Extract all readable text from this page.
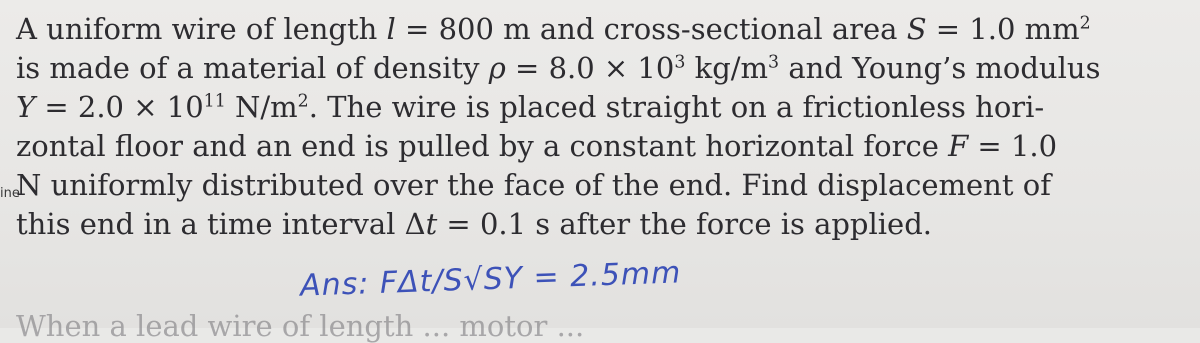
A uniform wire of length l = 800 m and cross-sectional area S = 1.0 $mm^2$
is made of a material of density $\rho = 8.0 \times 10^3$ $kg/m^3$ and Young’s modulus
$Y = 2.0 \times 10^{11}$ $N/m^2$. The wire is placed straight on a frictionless hori-
zontal floor and an end is pulled by a constant horizontal force F = 1.0
N uniformly distributed over the face of the end. Find displacement of
this end in a time interval Δt = 0.1 s after the force is applied.
ine
Ans: FΔt/S√SY = 2.5mm
When a lead wire of length ... motor ...
